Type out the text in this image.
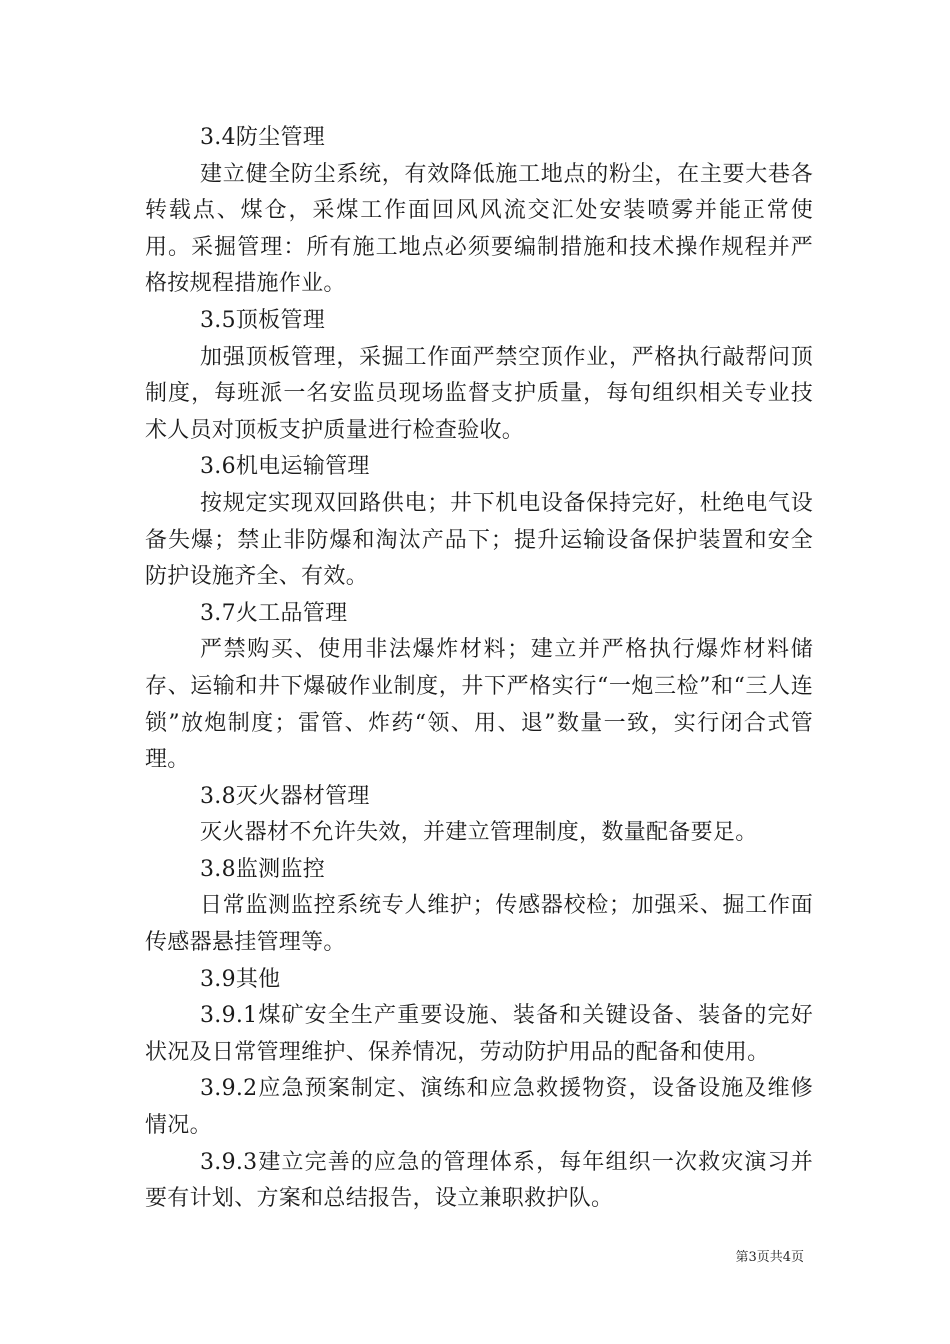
3.4防尘管理

建立健全防尘系统，有效降低施工地点的粉尘，在主要大巷各转载点、煤仓，采煤工作面回风风流交汇处安装喷雾并能正常使用。采掘管理：所有施工地点必须要编制措施和技术操作规程并严格按规程措施作业。

3.5顶板管理

加强顶板管理，采掘工作面严禁空顶作业，严格执行敲帮问顶制度，每班派一名安监员现场监督支护质量，每旬组织相关专业技术人员对顶板支护质量进行检查验收。

3.6机电运输管理

按规定实现双回路供电；井下机电设备保持完好，杜绝电气设备失爆；禁止非防爆和淘汰产品下；提升运输设备保护装置和安全防护设施齐全、有效。

3.7火工品管理

严禁购买、使用非法爆炸材料；建立并严格执行爆炸材料储存、运输和井下爆破作业制度，井下严格实行“一炮三检”和“三人连锁”放炮制度；雷管、炸药“领、用、退”数量一致，实行闭合式管理。

3.8灭火器材管理

灭火器材不允许失效，并建立管理制度，数量配备要足。

3.8监测监控

日常监测监控系统专人维护；传感器校检；加强采、掘工作面传感器悬挂管理等。

3.9其他

3.9.1煤矿安全生产重要设施、装备和关键设备、装备的完好状况及日常管理维护、保养情况，劳动防护用品的配备和使用。

3.9.2应急预案制定、演练和应急救援物资，设备设施及维修情况。

3.9.3建立完善的应急的管理体系，每年组织一次救灾演习并要有计划、方案和总结报告，设立兼职救护队。

第3页共4页
